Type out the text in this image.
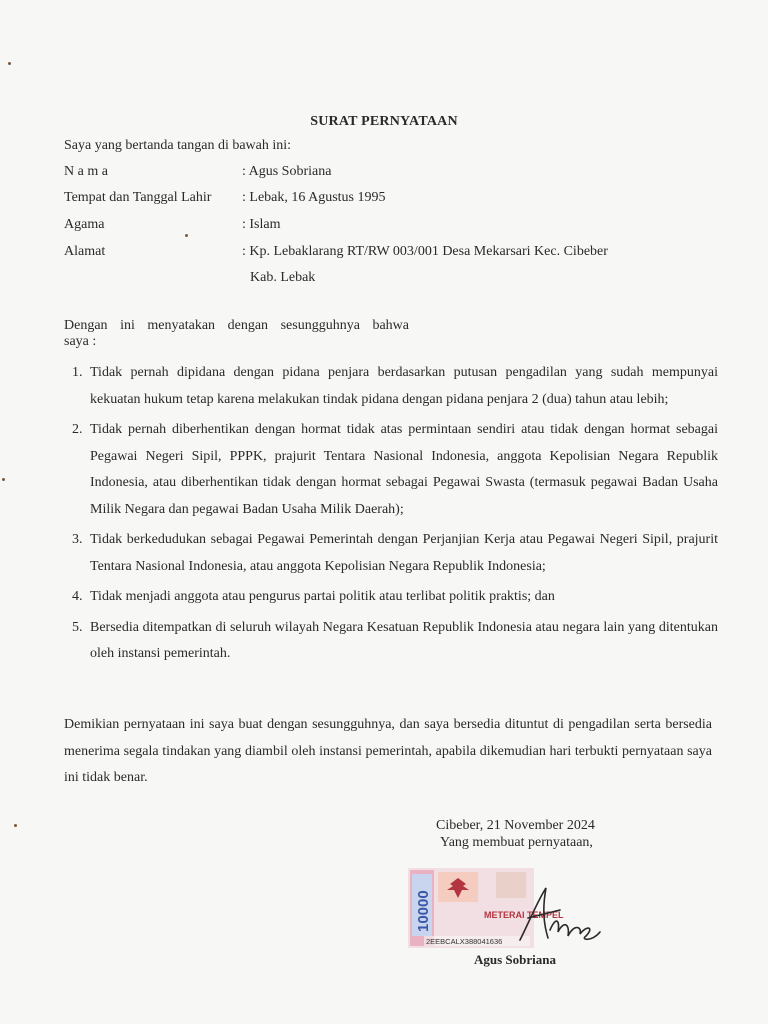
SURAT PERNYATAAN
Saya yang bertanda tangan di bawah ini:
N a m a	: Agus Sobriana
Tempat dan Tanggal Lahir : Lebak, 16 Agustus 1995
Agama	: Islam
Alamat	: Kp. Lebaklarang RT/RW 003/001 Desa Mekarsari Kec. Cibeber
Kab. Lebak
Dengan ini menyatakan dengan sesungguhnya bahwa
saya :
1. Tidak pernah dipidana dengan pidana penjara berdasarkan putusan pengadilan yang sudah mempunyai kekuatan hukum tetap karena melakukan tindak pidana dengan pidana penjara 2 (dua) tahun atau lebih;
2. Tidak pernah diberhentikan dengan hormat tidak atas permintaan sendiri atau tidak dengan hormat sebagai Pegawai Negeri Sipil, PPPK, prajurit Tentara Nasional Indonesia, anggota Kepolisian Negara Republik Indonesia, atau diberhentikan tidak dengan hormat sebagai Pegawai Swasta (termasuk pegawai Badan Usaha Milik Negara dan pegawai Badan Usaha Milik Daerah);
3. Tidak berkedudukan sebagai Pegawai Pemerintah dengan Perjanjian Kerja atau Pegawai Negeri Sipil, prajurit Tentara Nasional Indonesia, atau anggota Kepolisian Negara Republik Indonesia;
4. Tidak menjadi anggota atau pengurus partai politik atau terlibat politik praktis; dan
5. Bersedia ditempatkan di seluruh wilayah Negara Kesatuan Republik Indonesia atau negara lain yang ditentukan oleh instansi pemerintah.
Demikian pernyataan ini saya buat dengan sesungguhnya, dan saya bersedia dituntut di pengadilan serta bersedia menerima segala tindakan yang diambil oleh instansi pemerintah, apabila dikemudian hari terbukti pernyataan saya ini tidak benar.
Cibeber, 21 November 2024
Yang membuat pernyataan,
10000	METERAI TEMPEL
2EEBCALX388041636
Agus Sobriana
